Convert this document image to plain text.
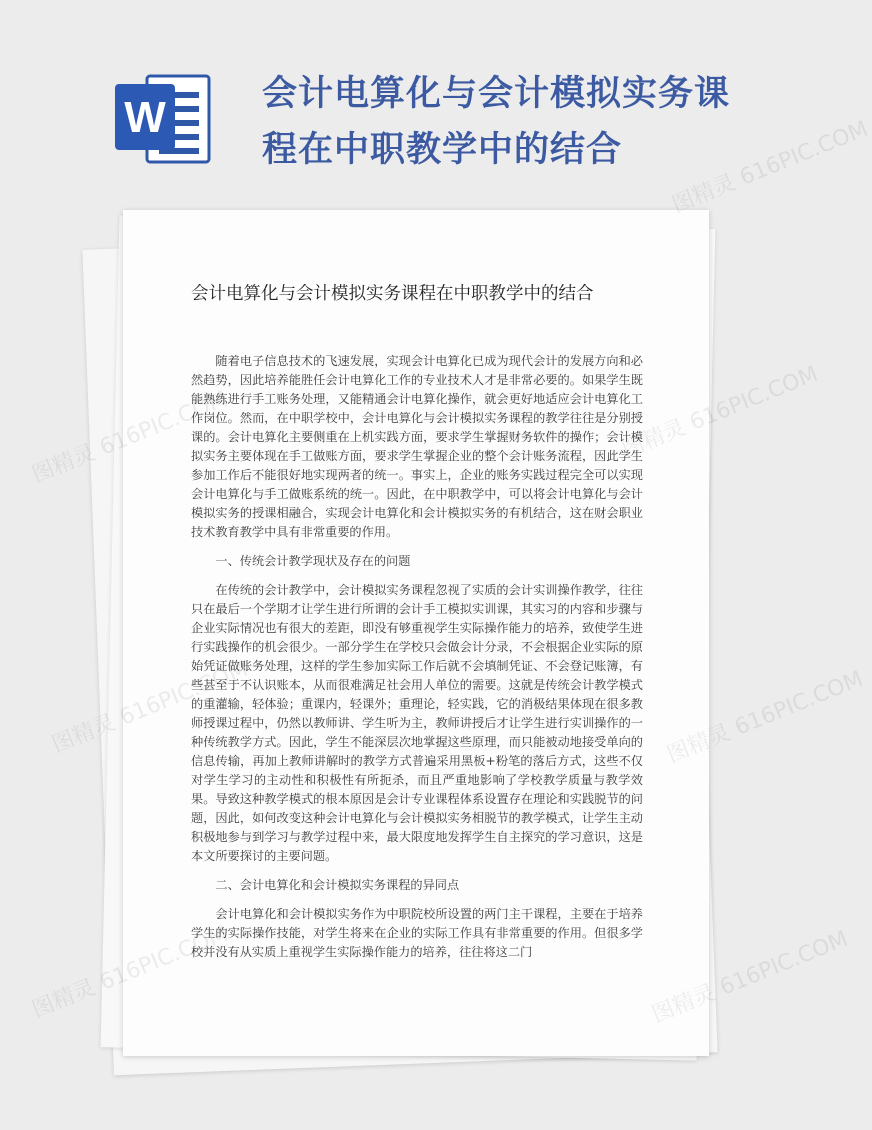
W	会计电算化与会计模拟实务课程在中职教学中的结合
会计电算化与会计模拟实务课程在中职教学中的结合

随着电子信息技术的飞速发展，实现会计电算化已成为现代会计的发展方向和必然趋势，因此培养能胜任会计电算化工作的专业技术人才是非常必要的。如果学生既能熟练进行手工账务处理，又能精通会计电算化操作，就会更好地适应会计电算化工作岗位。然而，在中职学校中，会计电算化与会计模拟实务课程的教学往往是分别授课的。会计电算化主要侧重在上机实践方面，要求学生掌握财务软件的操作；会计模拟实务主要体现在手工做账方面，要求学生掌握企业的整个会计账务流程，因此学生参加工作后不能很好地实现两者的统一。事实上，企业的账务实践过程完全可以实现会计电算化与手工做账系统的统一。因此，在中职教学中，可以将会计电算化与会计模拟实务的授课相融合，实现会计电算化和会计模拟实务的有机结合，这在财会职业技术教育教学中具有非常重要的作用。

一、传统会计教学现状及存在的问题

在传统的会计教学中，会计模拟实务课程忽视了实质的会计实训操作教学，往往只在最后一个学期才让学生进行所谓的会计手工模拟实训课，其实习的内容和步骤与企业实际情况也有很大的差距，即没有够重视学生实际操作能力的培养，致使学生进行实践操作的机会很少。一部分学生在学校只会做会计分录，不会根据企业实际的原始凭证做账务处理，这样的学生参加实际工作后就不会填制凭证、不会登记账簿，有些甚至于不认识账本，从而很难满足社会用人单位的需要。这就是传统会计教学模式的重灌输，轻体验；重课内，轻课外；重理论，轻实践，它的消极结果体现在很多教师授课过程中，仍然以教师讲、学生听为主，教师讲授后才让学生进行实训操作的一种传统教学方式。因此，学生不能深层次地掌握这些原理，而只能被动地接受单向的信息传输，再加上教师讲解时的教学方式普遍采用黑板+粉笔的落后方式，这些不仅对学生学习的主动性和积极性有所扼杀，而且严重地影响了学校教学质量与教学效果。导致这种教学模式的根本原因是会计专业课程体系设置存在理论和实践脱节的问题，因此，如何改变这种会计电算化与会计模拟实务相脱节的教学模式，让学生主动积极地参与到学习与教学过程中来，最大限度地发挥学生自主探究的学习意识，这是本文所要探讨的主要问题。

二、会计电算化和会计模拟实务课程的异同点

会计电算化和会计模拟实务作为中职院校所设置的两门主干课程，主要在于培养学生的实际操作技能，对学生将来在企业的实际工作具有非常重要的作用。但很多学校并没有从实质上重视学生实际操作能力的培养，往往将这二门

图精灵 616PIC.COM
图精灵 616PIC.COM
图精灵 616PIC.COM
图精灵 616PIC.COM
图精灵
图精灵
图精灵
